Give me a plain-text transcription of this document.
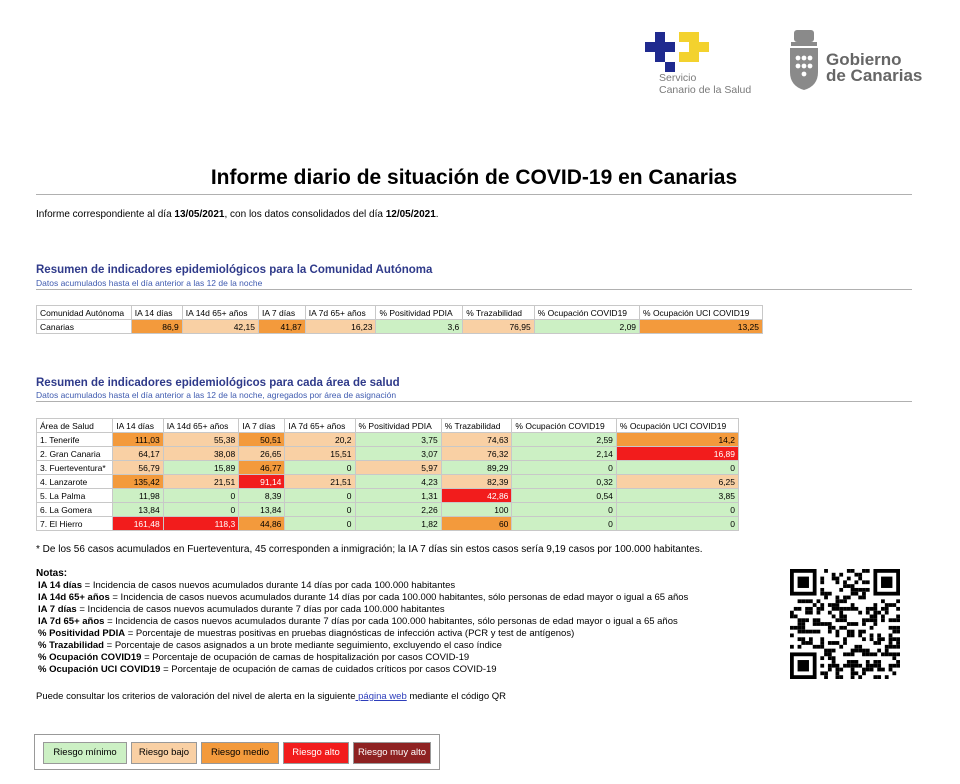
Servicio
Canario de la Salud
Gobierno
de Canarias
Informe diario de situación de COVID-19 en Canarias
Informe correspondiente al día 13/05/2021, con los datos consolidados del día 12/05/2021.
Resumen de indicadores epidemiológicos para la Comunidad Autónoma
Datos acumulados hasta el día anterior a las 12 de la noche
Comunidad Autónoma	IA 14 días	IA 14d 65+ años	IA 7 días	IA 7d 65+ años	% Positividad PDIA	% Trazabilidad	% Ocupación COVID19	% Ocupación UCI COVID19
Canarias	86,9	42,15	41,87	16,23	3,6	76,95	2,09	13,25
Resumen de indicadores epidemiológicos para cada área de salud
Datos acumulados hasta el día anterior a las 12 de la noche, agregados por área de asignación
Área de Salud	IA 14 días	IA 14d 65+ años	IA 7 días	IA 7d 65+ años	% Positividad PDIA	% Trazabilidad	% Ocupación COVID19	% Ocupación UCI COVID19
1. Tenerife	111,03	55,38	50,51	20,2	3,75	74,63	2,59	14,2
2. Gran Canaria	64,17	38,08	26,65	15,51	3,07	76,32	2,14	16,89
3. Fuerteventura*	56,79	15,89	46,77	0	5,97	89,29	0	0
4. Lanzarote	135,42	21,51	91,14	21,51	4,23	82,39	0,32	6,25
5. La Palma	11,98	0	8,39	0	1,31	42,86	0,54	3,85
6. La Gomera	13,84	0	13,84	0	2,26	100	0	0
7. El Hierro	161,48	118,3	44,86	0	1,82	60	0	0
* De los 56 casos acumulados en Fuerteventura, 45 corresponden a inmigración; la IA 7 días sin estos casos sería 9,19 casos por 100.000 habitantes.
Notas:
IA 14 días = Incidencia de casos nuevos acumulados durante 14 días por cada 100.000 habitantes
IA 14d 65+ años = Incidencia de casos nuevos acumulados durante 14 días por cada 100.000 habitantes, sólo personas de edad mayor o igual a 65 años
IA 7 días = Incidencia de casos nuevos acumulados durante 7 días por cada 100.000 habitantes
IA 7d 65+ años = Incidencia de casos nuevos acumulados durante 7 días por cada 100.000 habitantes, sólo personas de edad mayor o igual a 65 años
% Positividad PDIA = Porcentaje de muestras positivas en pruebas diagnósticas de infección activa (PCR y test de antígenos)
% Trazabilidad = Porcentaje de casos asignados a un brote mediante seguimiento, excluyendo el caso índice
% Ocupación COVID19 = Porcentaje de ocupación de camas de hospitalización por casos COVID-19
% Ocupación UCI COVID19 = Porcentaje de ocupación de camas de cuidados críticos por casos COVID-19
Puede consultar los criterios de valoración del nivel de alerta en la siguiente página web mediante el código QR
Riesgo mínimo	Riesgo bajo	Riesgo medio	Riesgo alto	Riesgo muy alto
